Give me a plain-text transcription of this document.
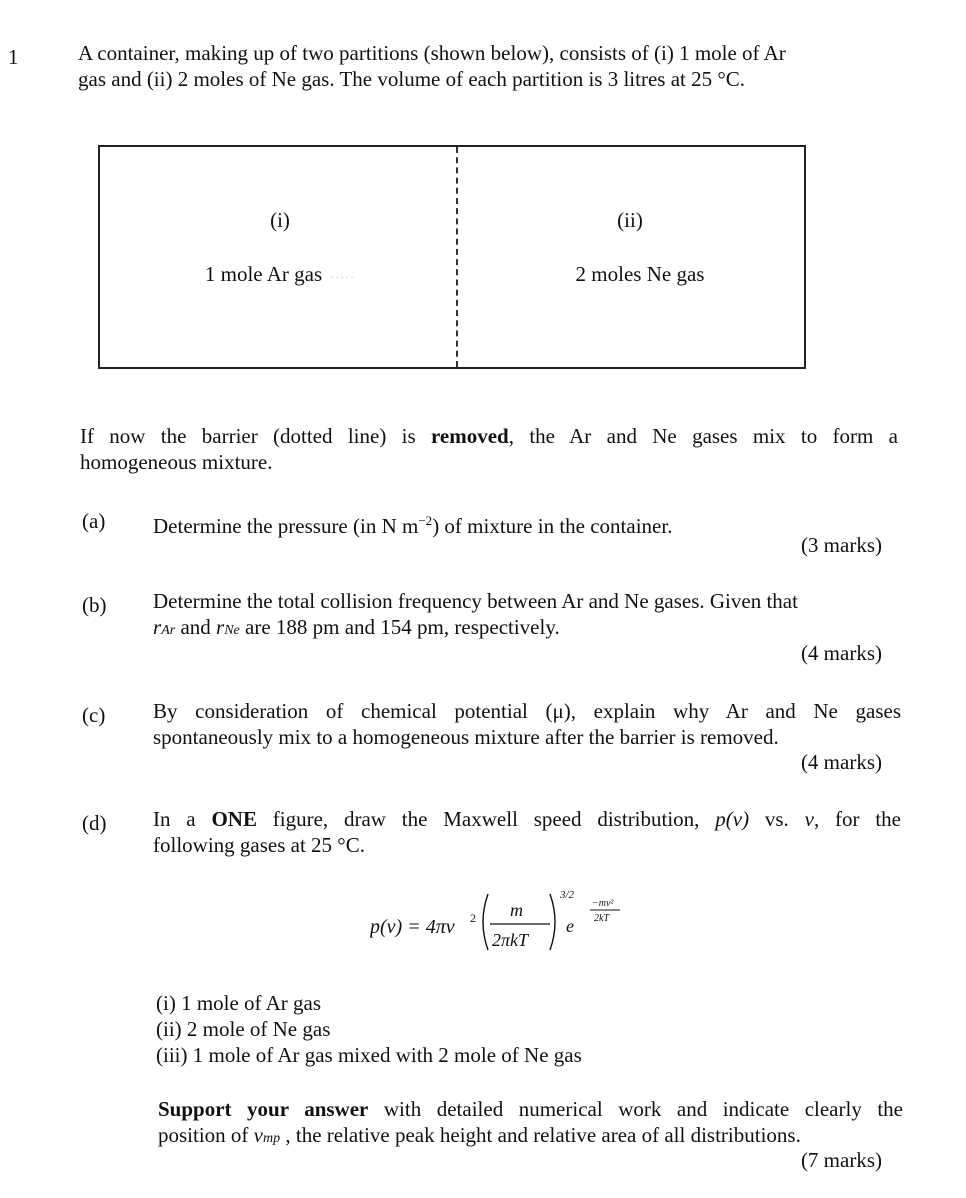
1	A container, making up of two partitions (shown below), consists of (i) 1 mole of Ar
gas and (ii) 2 moles of Ne gas. The volume of each partition is 3 litres at 25 °C.
(i)
1 mole Ar gas ·····
(ii)
2 moles Ne gas
If now the barrier (dotted line) is removed, the Ar and Ne gases mix to form a
homogeneous mixture.
(a) Determine the pressure (in N $m^{-2}$) of mixture in the container.
(3 marks)
(b) Determine the total collision frequency between Ar and Ne gases. Given that
rAr and rNe are 188 pm and 154 pm, respectively.
(4 marks)
(c) By consideration of chemical potential (μ), explain why Ar and Ne gases
spontaneously mix to a homogeneous mixture after the barrier is removed.
(4 marks)
(d) In a ONE figure, draw the Maxwell speed distribution, p(v) vs. v, for the
following gases at 25 °C.
p(v) = 4πv 2 m
2πkT
3/2
e
−mv²
2kT
(i) 1 mole of Ar gas
(ii) 2 mole of Ne gas
(iii) 1 mole of Ar gas mixed with 2 mole of Ne gas
Support your answer with detailed numerical work and indicate clearly the
position of vmp , the relative peak height and relative area of all distributions.
(7 marks)
